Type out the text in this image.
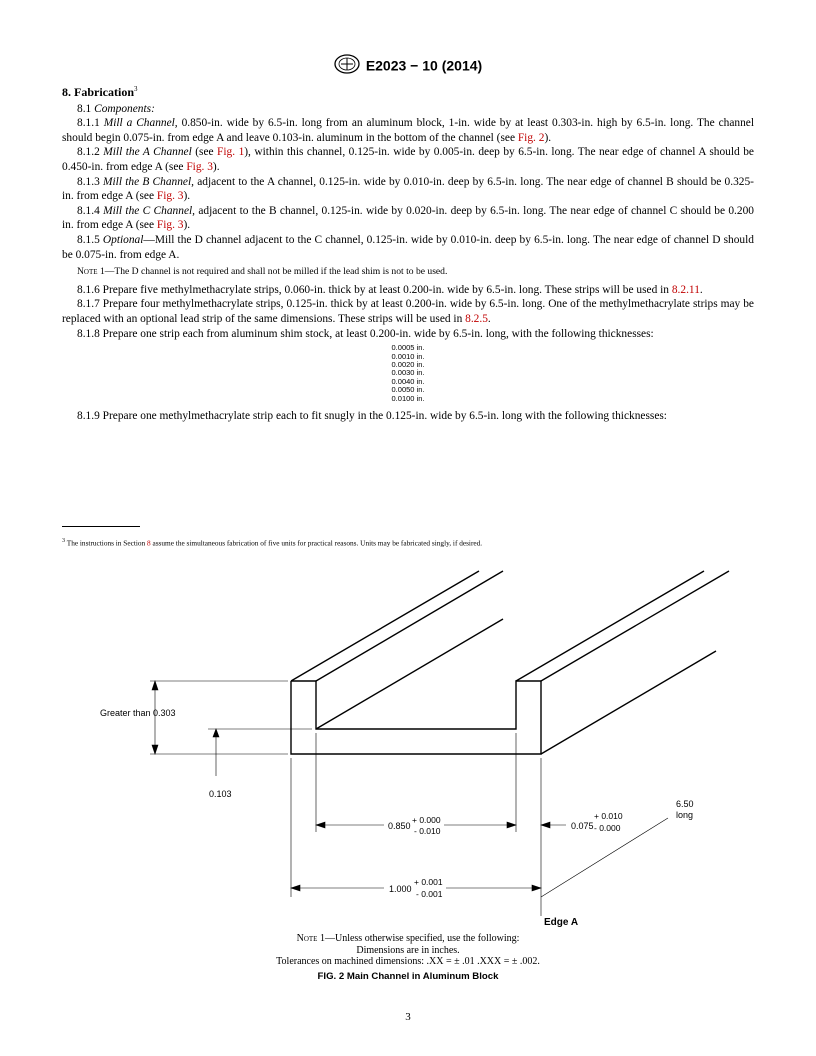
E2023 − 10 (2014)
8. Fabrication$^3$

8.1 Components:

8.1.1 Mill a Channel, 0.850-in. wide by 6.5-in. long from an aluminum block, 1-in. wide by at least 0.303-in. high by 6.5-in. long. The channel should begin 0.075-in. from edge A and leave 0.103-in. aluminum in the bottom of the channel (see Fig. 2).

8.1.2 Mill the A Channel (see Fig. 1), within this channel, 0.125-in. wide by 0.005-in. deep by 6.5-in. long. The near edge of channel A should be 0.450-in. from edge A (see Fig. 3).

8.1.3 Mill the B Channel, adjacent to the A channel, 0.125-in. wide by 0.010-in. deep by 6.5-in. long. The near edge of channel B should be 0.325-in. from edge A (see Fig. 3).

8.1.4 Mill the C Channel, adjacent to the B channel, 0.125-in. wide by 0.020-in. deep by 6.5-in. long. The near edge of channel C should be 0.200 in. from edge A (see Fig. 3).

8.1.5 Optional—Mill the D channel adjacent to the C channel, 0.125-in. wide by 0.010-in. deep by 6.5-in. long. The near edge of channel D should be 0.075-in. from edge A.

Note 1—The D channel is not required and shall not be milled if the lead shim is not to be used.

8.1.6 Prepare five methylmethacrylate strips, 0.060-in. thick by at least 0.200-in. wide by 6.5-in. long. These strips will be used in 8.2.11.

8.1.7 Prepare four methylmethacrylate strips, 0.125-in. thick by at least 0.200-in. wide by 6.5-in. long. One of the methylmethacrylate strips may be replaced with an optional lead strip of the same dimensions. These strips will be used in 8.2.5.

8.1.8 Prepare one strip each from aluminum shim stock, at least 0.200-in. wide by 6.5-in. long, with the following thicknesses:

0.0005 in.
0.0010 in.
0.0020 in.
0.0030 in.
0.0040 in.
0.0050 in.
0.0100 in.

8.1.9 Prepare one methylmethacrylate strip each to fit snugly in the 0.125-in. wide by 6.5-in. long with the following thicknesses:

$^3$ The instructions in Section 8 assume the simultaneous fabrication of five units for practical reasons. Units may be fabricated singly, if desired.
Greater than 0.303
0.103
0.850
+ 0.000
- 0.010	0.075
+ 0.010
- 0.000
1.000
+ 0.001
- 0.001
6.50
long
Edge A
Note 1—Unless otherwise specified, use the following:
Dimensions are in inches.
Tolerances on machined dimensions: .XX = ± .01 .XXX = ± .002.
FIG. 2 Main Channel in Aluminum Block
3
